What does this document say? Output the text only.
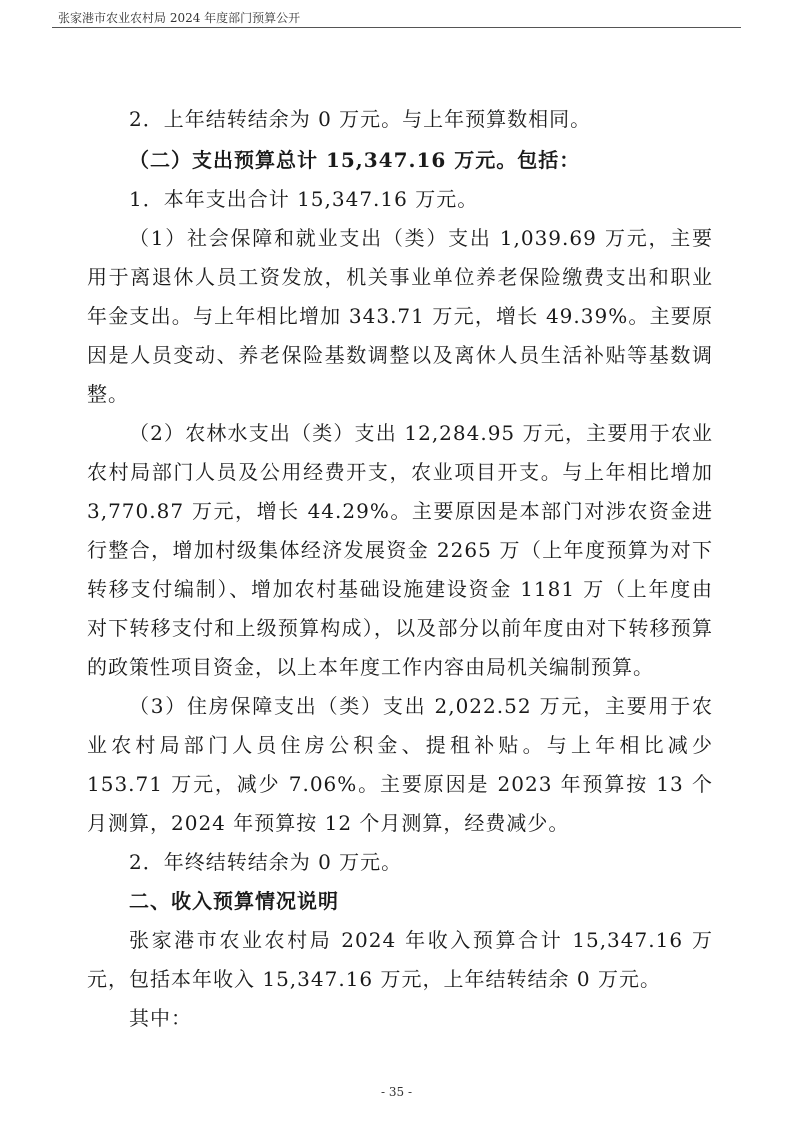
张家港市农业农村局 2024 年度部门预算公开

2．上年结转结余为 0 万元。与上年预算数相同。

（二）支出预算总计 15,347.16 万元。包括：

1．本年支出合计 15,347.16 万元。

（1）社会保障和就业支出（类）支出 1,039.69 万元，主要用于离退休人员工资发放，机关事业单位养老保险缴费支出和职业年金支出。与上年相比增加 343.71 万元，增长 49.39%。主要原因是人员变动、养老保险基数调整以及离休人员生活补贴等基数调整。

（2）农林水支出（类）支出 12,284.95 万元，主要用于农业农村局部门人员及公用经费开支，农业项目开支。与上年相比增加 3,770.87 万元，增长 44.29%。主要原因是本部门对涉农资金进行整合，增加村级集体经济发展资金 2265 万（上年度预算为对下转移支付编制）、增加农村基础设施建设资金 1181 万（上年度由对下转移支付和上级预算构成），以及部分以前年度由对下转移预算的政策性项目资金，以上本年度工作内容由局机关编制预算。

（3）住房保障支出（类）支出 2,022.52 万元，主要用于农业农村局部门人员住房公积金、提租补贴。与上年相比减少 153.71 万元，减少 7.06%。主要原因是 2023 年预算按 13 个月测算，2024 年预算按 12 个月测算，经费减少。

2．年终结转结余为 0 万元。

二、收入预算情况说明

张家港市农业农村局 2024 年收入预算合计 15,347.16 万元，包括本年收入 15,347.16 万元，上年结转结余 0 万元。

其中：

- 35 -
